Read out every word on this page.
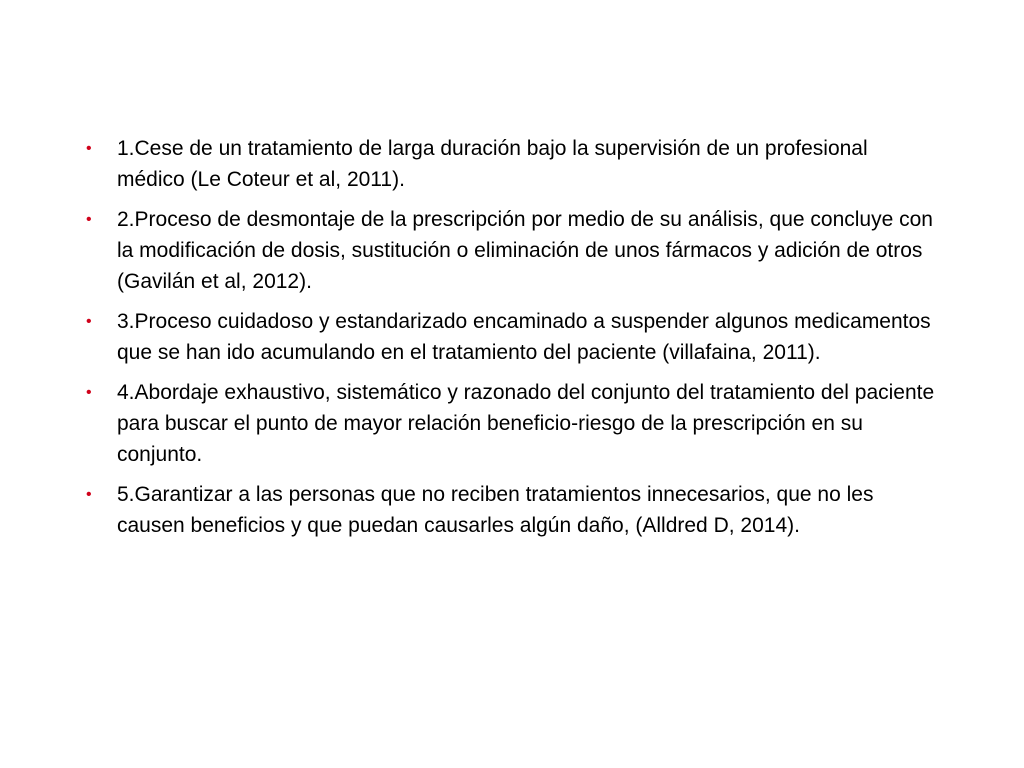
• 1.Cese de un tratamiento de larga duración bajo la supervisión de un profesional médico (Le Coteur et al, 2011).
• 2.Proceso de desmontaje de la prescripción por medio de su análisis, que concluye con la modificación de dosis, sustitución o eliminación de unos fármacos y adición de otros (Gavilán et al, 2012).
• 3.Proceso cuidadoso y estandarizado encaminado a suspender algunos medicamentos que se han ido acumulando en el tratamiento del paciente (villafaina, 2011).
• 4.Abordaje exhaustivo, sistemático y razonado del conjunto del tratamiento del paciente para buscar el punto de mayor relación beneficio-riesgo de la prescripción en su conjunto.
• 5.Garantizar a las personas que no reciben tratamientos innecesarios, que no les causen beneficios y que puedan causarles algún daño, (Alldred D, 2014).
